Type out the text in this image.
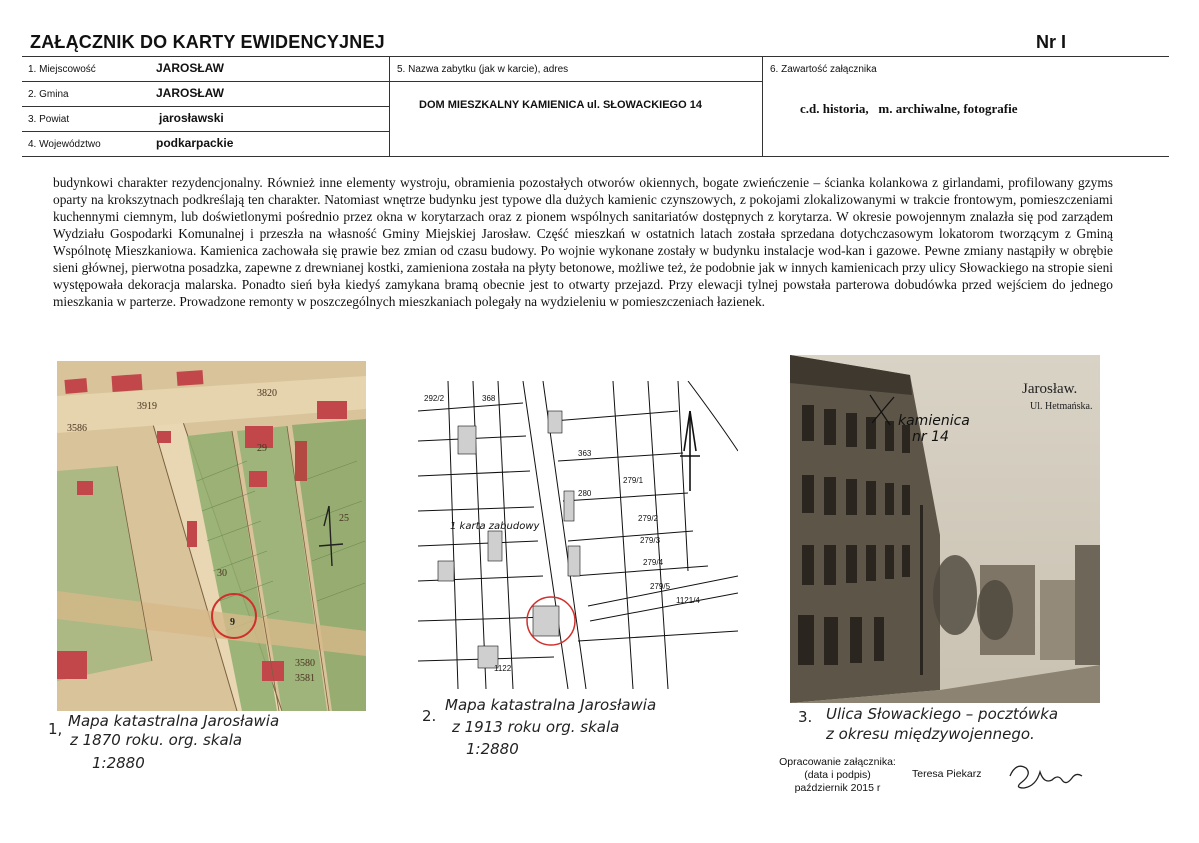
ZAŁĄCZNIK DO KARTY EWIDENCYJNEJ	Nr I
1. Miejscowość	JAROSŁAW
2. Gmina	JAROSŁAW
3. Powiat	jarosławski
4. Województwo	podkarpackie
5. Nazwa zabytku (jak w karcie), adres
DOM MIESZKALNY KAMIENICA ul. SŁOWACKIEGO 14
6. Zawartość załącznika
c.d. historia,   m. archiwalne, fotografie
budynkowi charakter rezydencjonalny. Również inne elementy wystroju, obramienia pozostałych otworów okiennych, bogate zwieńczenie – ścianka kolankowa z girlandami, profilowany gzyms oparty na krokszytnach podkreślają ten charakter. Natomiast wnętrze budynku jest typowe dla dużych kamienic czynszowych, z pokojami zlokalizowanymi w trakcie frontowym, pomieszczeniami kuchennymi ciemnym, lub doświetlonymi pośrednio przez okna w korytarzach oraz z pionem wspólnych sanitariatów dostępnych z korytarza. W okresie powojennym znalazła się pod zarządem Wydziału Gospodarki Komunalnej i przeszła na własność Gminy Miejskiej Jarosław. Część mieszkań w ostatnich latach została sprzedana dotychczasowym lokatorom tworzącym z Gminą Wspólnotę Mieszkaniowa. Kamienica zachowała się prawie bez zmian od czasu budowy. Po wojnie wykonane zostały w budynku instalacje wod-kan i gazowe. Pewne zmiany nastąpiły w obrębie sieni głównej, pierwotna posadzka, zapewne z drewnianej kostki, zamieniona została na płyty betonowe, możliwe też, że podobnie jak w innych kamienicach przy ulicy Słowackiego na stropie sieni występowała dekoracja malarska. Ponadto sień była kiedyś zamykana bramą obecnie jest to otwarty przejazd. Przy elewacji tylnej powstała parterowa dobudówka przed wejściem do jednego mieszkania w parterze. Prowadzone remonty w poszczególnych mieszkaniach polegały na wydzieleniu w pomieszczeniach łazienek.
3586
3919
3820
29
30
3580
3581
25
9
292/2	368
363
280
279/1
279/2
279/3
279/4
279/5
1121/4
1122
1 karta zabudowy
Jarosław.
Ul. Hetmańska.
kamienica
nr 14
1, Mapa katastralna Jarosławia
z 1870 roku. org. skala
1:2880
2.
Mapa katastralna Jarosławia
z 1913 roku org. skala
1:2880
3. Ulica Słowackiego – pocztówka
z okresu międzywojennego.
Opracowanie załącznika:
(data i podpis)
październik 2015 r
Teresa Piekarz
